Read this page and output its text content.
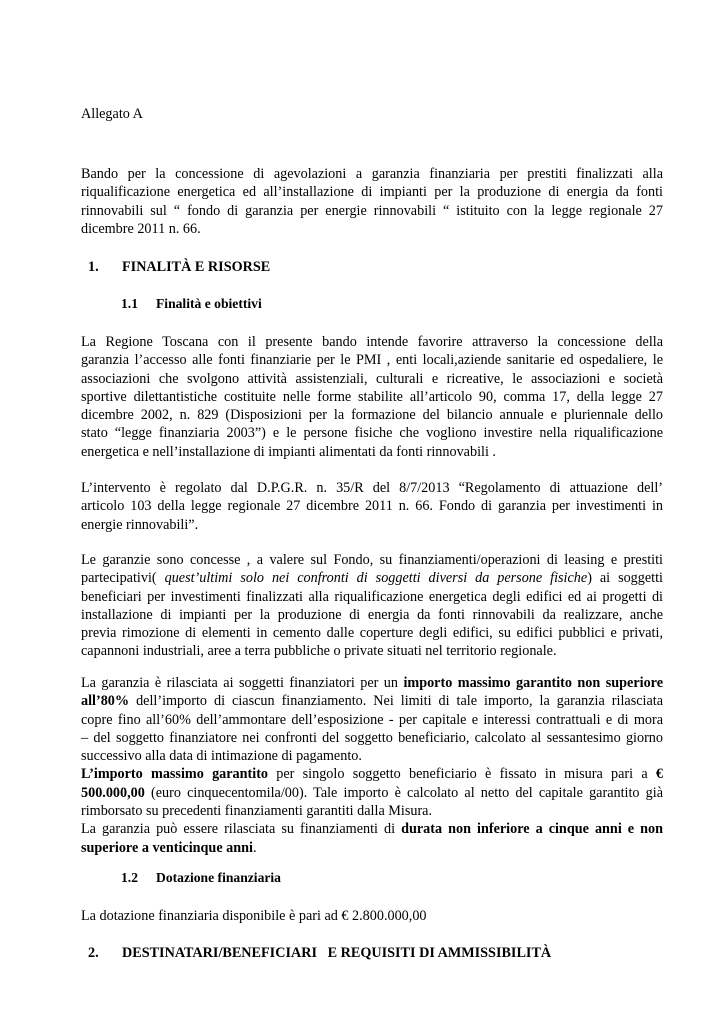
Allegato A
Bando per la concessione di agevolazioni a garanzia finanziaria per prestiti finalizzati alla
riqualificazione energetica ed all’installazione di impianti per la produzione di energia da fonti
rinnovabili sul “ fondo di garanzia per energie rinnovabili “ istituito con la legge regionale 27
dicembre 2011 n. 66.
1. FINALITÀ E RISORSE
1.1 Finalità e obiettivi
La Regione Toscana con il presente bando intende favorire attraverso la concessione della
garanzia l’accesso alle fonti finanziarie per le PMI , enti locali,aziende sanitarie ed ospedaliere, le
associazioni che svolgono attività assistenziali, culturali e ricreative, le associazioni e società
sportive dilettantistiche costituite nelle forme stabilite all’articolo 90, comma 17, della legge 27
dicembre 2002, n. 829 (Disposizioni per la formazione del bilancio annuale e pluriennale dello
stato “legge finanziaria 2003”) e le persone fisiche che vogliono investire nella riqualificazione
energetica e nell’installazione di impianti alimentati da fonti rinnovabili .
L’intervento è regolato dal D.P.G.R. n. 35/R del 8/7/2013 “Regolamento di attuazione dell’
articolo 103 della legge regionale 27 dicembre 2011 n. 66. Fondo di garanzia per investimenti in
energie rinnovabili”.
Le garanzie sono concesse , a valere sul Fondo, su finanziamenti/operazioni di leasing e prestiti
partecipativi( quest’ultimi solo nei confronti di soggetti diversi da persone fisiche) ai soggetti
beneficiari per investimenti finalizzati alla riqualificazione energetica degli edifici ed ai progetti di
installazione di impianti per la produzione di energia da fonti rinnovabili da realizzare, anche
previa rimozione di elementi in cemento dalle coperture degli edifici, su edifici pubblici e privati,
capannoni industriali, aree a terra pubbliche o private situati nel territorio regionale.
La garanzia è rilasciata ai soggetti finanziatori per un importo massimo garantito non superiore
all’80% dell’importo di ciascun finanziamento. Nei limiti di tale importo, la garanzia rilasciata
copre fino all’60% dell’ammontare dell’esposizione - per capitale e interessi contrattuali e di mora
– del soggetto finanziatore nei confronti del soggetto beneficiario, calcolato al sessantesimo giorno
successivo alla data di intimazione di pagamento.
L’importo massimo garantito per singolo soggetto beneficiario è fissato in misura pari a €
500.000,00 (euro cinquecentomila/00). Tale importo è calcolato al netto del capitale garantito già
rimborsato su precedenti finanziamenti garantiti dalla Misura.
La garanzia può essere rilasciata su finanziamenti di durata non inferiore a cinque anni e non
superiore a venticinque anni.
1.2 Dotazione finanziaria
La dotazione finanziaria disponibile è pari ad € 2.800.000,00
2. DESTINATARI/BENEFICIARI   E REQUISITI DI AMMISSIBILITÀ
